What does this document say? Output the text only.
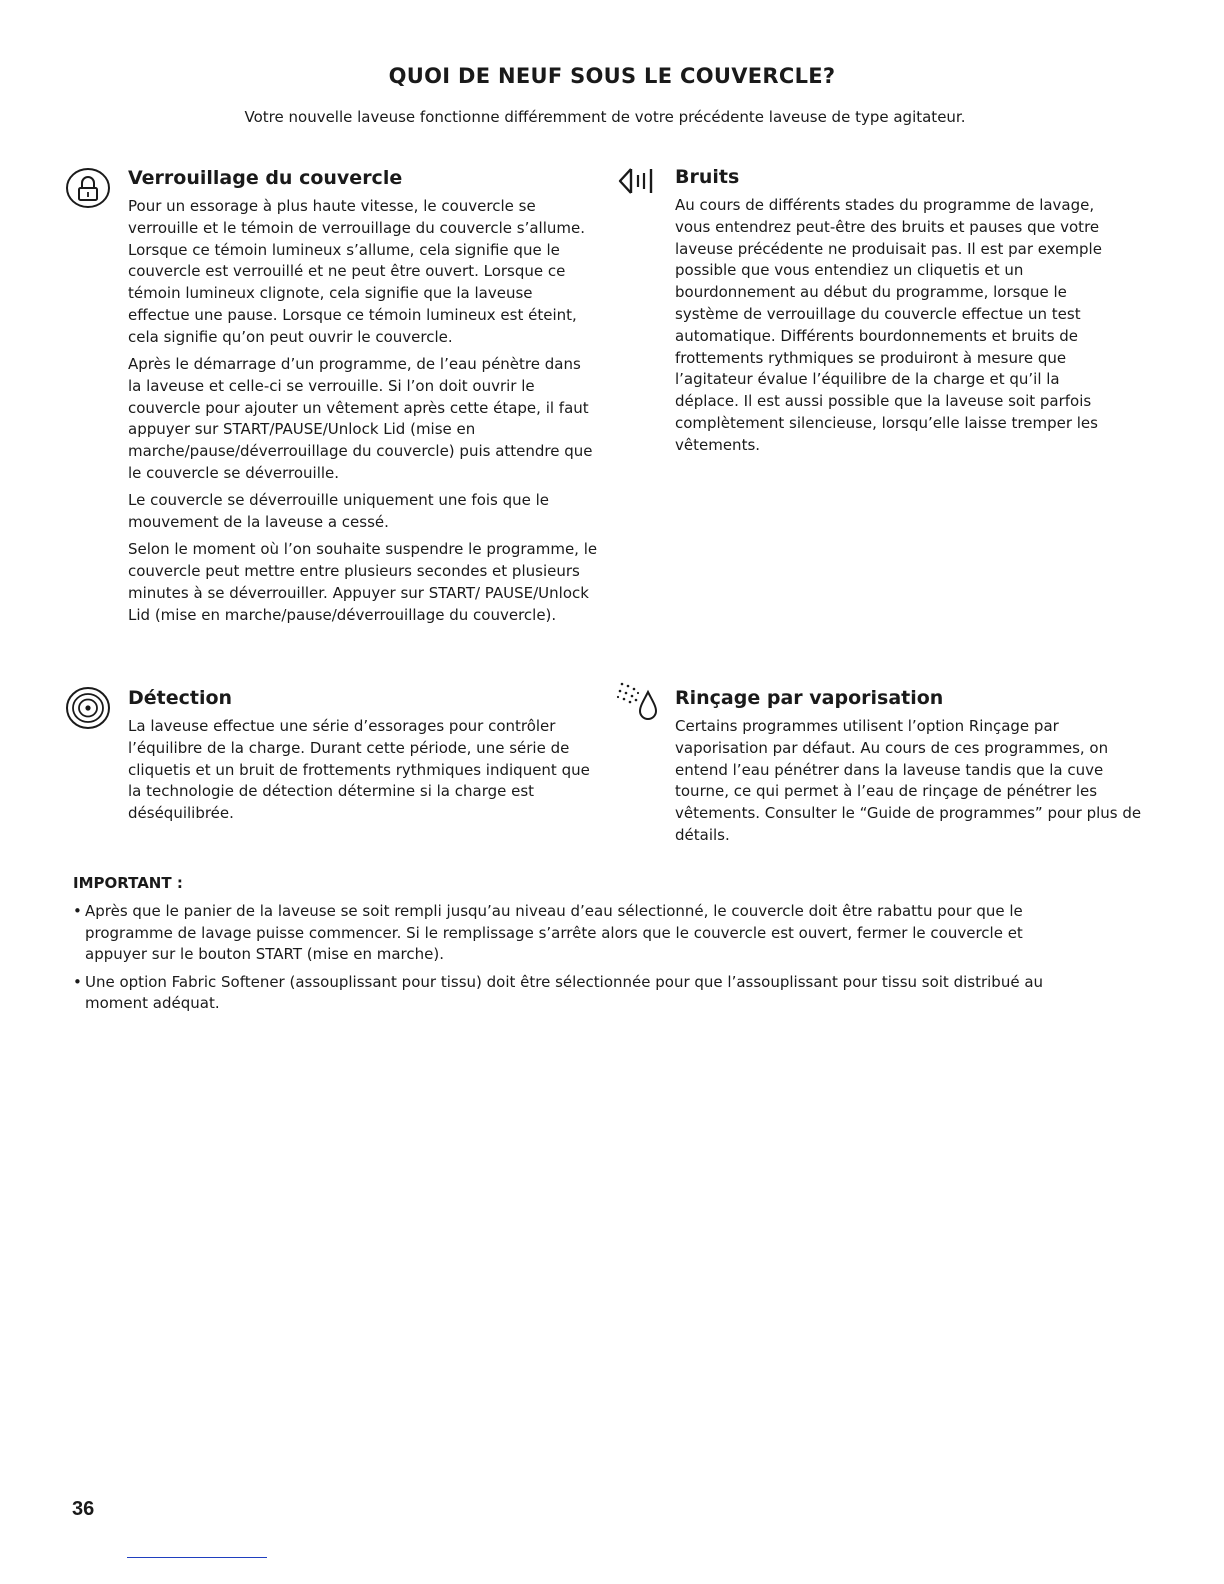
QUOI DE NEUF SOUS LE COUVERCLE?
Votre nouvelle laveuse fonctionne différemment de votre précédente laveuse de type agitateur.
Verrouillage du couvercle

Pour un essorage à plus haute vitesse, le couvercle se verrouille et le témoin de verrouillage du couvercle s’allume. Lorsque ce témoin lumineux s’allume, cela signifie que le couvercle est verrouillé et ne peut être ouvert. Lorsque ce témoin lumineux clignote, cela signifie que la laveuse effectue une pause. Lorsque ce témoin lumineux est éteint, cela signifie qu’on peut ouvrir le couvercle.

Après le démarrage d’un programme, de l’eau pénètre dans la laveuse et celle-ci se verrouille. Si l’on doit ouvrir le couvercle pour ajouter un vêtement après cette étape, il faut appuyer sur START/PAUSE/Unlock Lid (mise en marche/pause/déverrouillage du couvercle) puis attendre que le couvercle se déverrouille.

Le couvercle se déverrouille uniquement une fois que le mouvement de la laveuse a cessé.

Selon le moment où l’on souhaite suspendre le programme, le couvercle peut mettre entre plusieurs secondes et plusieurs minutes à se déverrouiller. Appuyer sur START/ PAUSE/Unlock Lid (mise en marche/pause/déverrouillage du couvercle).

Bruits

Au cours de différents stades du programme de lavage, vous entendrez peut-être des bruits et pauses que votre laveuse précédente ne produisait pas. Il est par exemple possible que vous entendiez un cliquetis et un bourdonnement au début du programme, lorsque le système de verrouillage du couvercle effectue un test automatique. Différents bourdonnements et bruits de frottements rythmiques se produiront à mesure que l’agitateur évalue l’équilibre de la charge et qu’il la déplace. Il est aussi possible que la laveuse soit parfois complètement silencieuse, lorsqu’elle laisse tremper les vêtements.

Détection

La laveuse effectue une série d’essorages pour contrôler l’équilibre de la charge. Durant cette période, une série de cliquetis et un bruit de frottements rythmiques indiquent que la technologie de détection détermine si la charge est déséquilibrée.

Rinçage par vaporisation

Certains programmes utilisent l’option Rinçage par vaporisation par défaut. Au cours de ces programmes, on entend l’eau pénétrer dans la laveuse tandis que la cuve tourne, ce qui permet à l’eau de rinçage de pénétrer les vêtements. Consulter le “Guide de programmes” pour plus de détails.

IMPORTANT :
• Après que le panier de la laveuse se soit rempli jusqu’au niveau d’eau sélectionné, le couvercle doit être rabattu pour que le programme de lavage puisse commencer. Si le remplissage s’arrête alors que le couvercle est ouvert, fermer le couvercle et appuyer sur le bouton START (mise en marche).
• Une option Fabric Softener (assouplissant pour tissu) doit être sélectionnée pour que l’assouplissant pour tissu soit distribué au moment adéquat.
36
